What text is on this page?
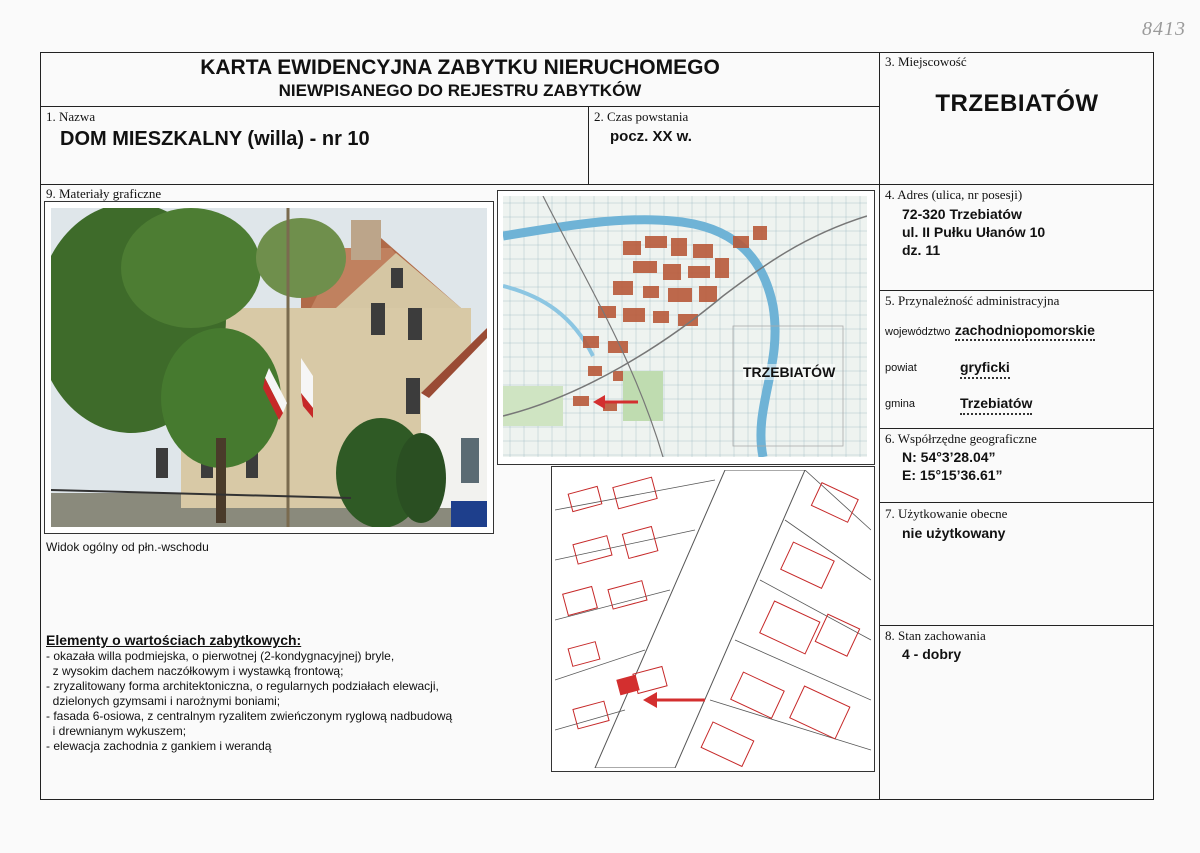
8413
KARTA EWIDENCYJNA ZABYTKU NIERUCHOMEGO
NIEWPISANEGO DO REJESTRU ZABYTKÓW
1. Nazwa
DOM MIESZKALNY (willa) - nr 10
2. Czas powstania
pocz. XX w.
3. Miejscowość
TRZEBIATÓW
4. Adres (ulica, nr posesji)
72-320 Trzebiatów
ul. II Pułku Ułanów 10
dz. 11
5. Przynależność administracyjna
województwo zachodniopomorskie
powiat	gryficki
gmina	Trzebiatów
6. Współrzędne geograficzne
N: 54°3’28.04”
E: 15°15’36.61”
7. Użytkowanie obecne
nie użytkowany
8. Stan zachowania
4 - dobry
9. Materiały graficzne
Widok ogólny od płn.-wschodu
TRZEBIATÓW
Elementy o wartościach zabytkowych:
- okazała willa podmiejska, o pierwotnej (2-kondygnacyjnej) bryle,
z wysokim dachem naczółkowym i wystawką frontową;
- zryzalitowany forma architektoniczna, o regularnych podziałach elewacji,
dzielonych gzymsami i narożnymi boniami;
- fasada 6-osiowa, z centralnym ryzalitem zwieńczonym ryglową nadbudową
i drewnianym wykuszem;
- elewacja zachodnia z gankiem i werandą
